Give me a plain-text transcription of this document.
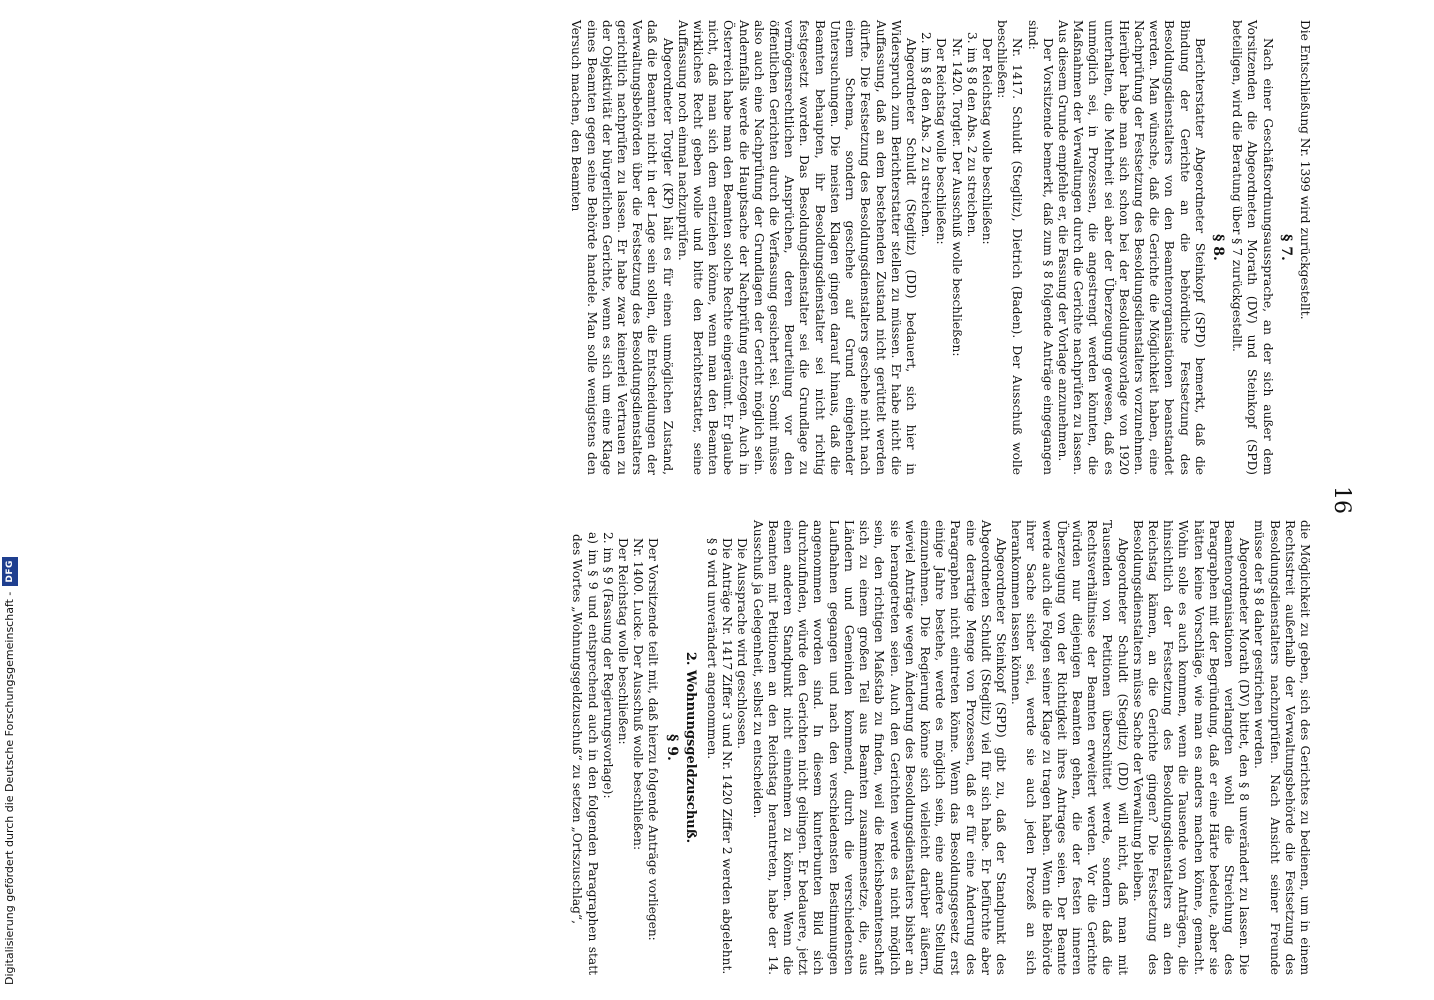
16

Die Entschließung Nr. 1399 wird zurückgestellt.

§ 7.

Nach einer Geschäftsordnungsaussprache, an der sich außer dem Vorsitzenden die Abgeordneten Morath (DV) und Steinkopf (SPD) beteiligen, wird die Beratung über § 7 zurückgestellt.

§ 8.

Berichterstatter Abgeordneter Steinkopf (SPD) bemerkt, daß die Bindung der Gerichte an die behördliche Festsetzung des Besoldungsdienstalters von den Beamtenorganisationen beanstandet werden. Man wünsche, daß die Gerichte die Möglichkeit haben, eine Nachprüfung der Festsetzung des Besoldungsdienstalters vorzunehmen. Hierüber habe man sich schon bei der Besoldungsvorlage von 1920 unterhalten, die Mehrheit sei aber der Überzeugung gewesen, daß es unmöglich sei, in Prozessen, die angestrengt werden könnten, die Maßnahmen der Verwaltungen durch die Gerichte nachprüfen zu lassen. Aus diesem Grunde empfehle er, die Fassung der Vorlage anzunehmen.

Der Vorsitzende bemerkt, daß zum § 8 folgende Anträge eingegangen sind:

Nr. 1417. Schuldt (Steglitz), Dietrich (Baden). Der Ausschuß wolle beschließen:

Der Reichstag wolle beschließen:

3. im § 8 den Abs. 2 zu streichen.

Nr. 1420. Torgler. Der Ausschuß wolle beschließen:

Der Reichstag wolle beschließen:

2. im § 8 den Abs. 2 zu streichen.

Abgeordneter Schuldt (Steglitz) (DD) bedauert, sich hier in Widerspruch zum Berichterstatter stellen zu müssen. Er habe nicht die Auffassung, daß an dem bestehenden Zustand nicht gerüttelt werden dürfte. Die Festsetzung des Besoldungsdienstalters geschehe nicht nach einem Schema, sondern geschehe auf Grund eingehender Untersuchungen. Die meisten Klagen gingen darauf hinaus, daß die Beamten behaupten, ihr Besoldungsdienstalter sei nicht richtig festgesetzt worden. Das Besoldungsdienstalter sei die Grundlage zu vermögensrechtlichen Ansprüchen, deren Beurteilung vor den öffentlichen Gerichten durch die Verfassung gesichert sei. Somit müsse also auch eine Nachprüfung der Grundlagen der Gericht möglich sein. Andernfalls werde die Hauptsache der Nachprüfung entzogen. Auch in Österreich habe man den Beamten solche Rechte eingeräumt. Er glaube nicht, daß man sich dem entziehen könne, wenn man den Beamten wirkliches Recht geben wolle und bitte den Berichterstatter, seine Auffassung noch einmal nachzuprüfen.

Abgeordneter Torgler (KP) hält es für einen unmöglichen Zustand, daß die Beamten nicht in der Lage sein sollen, die Entscheidungen der Verwaltungsbehörden über die Festsetzung des Besoldungsdienstalters gerichtlich nachprüfen zu lassen. Er habe zwar keinerlei Vertrauen zu der Objektivität der bürgerlichen Gerichte, wenn es sich um eine Klage eines Beamten gegen seine Behörde handele. Man solle wenigstens den Versuch machen, den Beamten

die Möglichkeit zu geben, sich des Gerichtes zu bedienen, um in einem Rechtsstreit außerhalb der Verwaltungsbehörde die Festsetzung des Besoldungsdienstalters nachzuprüfen. Nach Ansicht seiner Freunde müsse der § 8 daher gestrichen werden.

Abgeordneter Morath (DV) bittet, den § 8 unverändert zu lassen. Die Beamtenorganisationen verlangten wohl die Streichung des Paragraphen mit der Begründung, daß er eine Härte bedeute, aber sie hätten keine Vorschläge, wie man es anders machen könne, gemacht. Wohin solle es auch kommen, wenn die Tausende von Anträgen, die hinsichtlich der Festsetzung des Besoldungsdienstalters an den Reichstag kämen, an die Gerichte gingen? Die Festsetzung des Besoldungsdienstalters müsse Sache der Verwaltung bleiben.

Abgeordneter Schuldt (Steglitz) (DD) will nicht, daß man mit Tausenden von Petitionen überschüttet werde, sondern daß die Rechtsverhältnisse der Beamten erweitert werden. Vor die Gerichte würden nur diejenigen Beamten gehen, die der festen inneren Überzeugung von der Richtigkeit ihres Antrages seien. Der Beamte werde auch die Folgen seiner Klage zu tragen haben. Wenn die Behörde ihrer Sache sicher sei, werde sie auch jeden Prozeß an sich herankommen lassen können.

Abgeordneter Steinkopf (SPD) gibt zu, daß der Standpunkt des Abgeordneten Schuldt (Steglitz) viel für sich habe. Er befürchte aber eine derartige Menge von Prozessen, daß er für eine Änderung des Paragraphen nicht eintreten könne. Wenn das Besoldungsgesetz erst einige Jahre bestehe, werde es möglich sein, eine andere Stellung einzunehmen. Die Regierung könne sich vielleicht darüber äußern, wieviel Anträge wegen Änderung des Besoldungsdienstalters bisher an sie herangetreten seien. Auch den Gerichten werde es nicht möglich sein, den richtigen Maßstab zu finden, weil die Reichsbeamtenschaft sich zu einem großen Teil aus Beamten zusammensetze, die, aus Ländern und Gemeinden kommend, durch die verschiedensten Laufbahnen gegangen und nach den verschiedensten Bestimmungen angenommen worden sind. In diesem kunterbunten Bild sich durchzufinden, würde den Gerichten nicht gelingen. Er bedauere, jetzt einen anderen Standpunkt nicht einnehmen zu können. Wenn die Beamten mit Petitionen an den Reichstag herantreten, habe der 14. Ausschuß ja Gelegenheit, selbst zu entscheiden.

Die Aussprache wird geschlossen.

Die Anträge Nr. 1417 Ziffer 3 und Nr. 1420 Ziffer 2 werden abgelehnt.

§ 9 wird unverändert angenommen.

2. Wohnungsgeldzuschuß.
§ 9.

Der Vorsitzende teilt mit, daß hierzu folgende Anträge vorliegen:

Nr. 1400. Lucke. Der Ausschuß wolle beschließen:

Der Reichstag wolle beschließen:

2. im § 9 (Fassung der Regierungsvorlage):

a) im § 9 und entsprechend auch in den folgenden Paragraphen statt des Wortes „Wohnungsgeldzuschuß“ zu setzen „Ortszuschlag“,

Digitalisierung gefördert durch die Deutsche Forschungsgemeinschaft -
DFG
